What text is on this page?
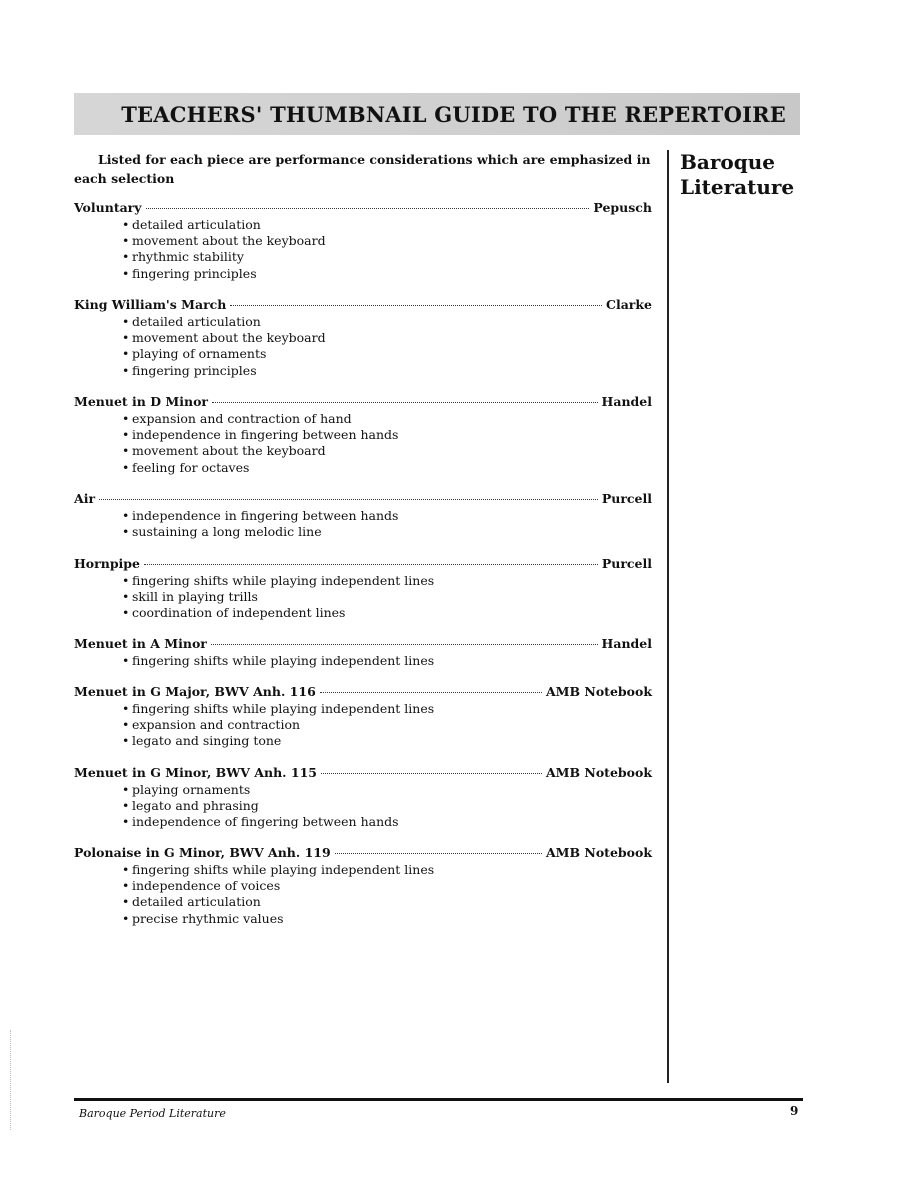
TEACHERS' THUMBNAIL GUIDE TO THE REPERTOIRE
Listed for each piece are performance considerations which are emphasized in each selection
Baroque Literature
Voluntary	Pepusch
• detailed articulation
• movement about the keyboard
• rhythmic stability
• fingering principles
King William's March	Clarke
• detailed articulation
• movement about the keyboard
• playing of ornaments
• fingering principles
Menuet in D Minor	Handel
• expansion and contraction of hand
• independence in fingering between hands
• movement about the keyboard
• feeling for octaves
Air	Purcell
• independence in fingering between hands
• sustaining a long melodic line
Hornpipe	Purcell
• fingering shifts while playing independent lines
• skill in playing trills
• coordination of independent lines
Menuet in A Minor	Handel
• fingering shifts while playing independent lines
Menuet in G Major, BWV Anh. 116	AMB Notebook
• fingering shifts while playing independent lines
• expansion and contraction
• legato and singing tone
Menuet in G Minor, BWV Anh. 115	AMB Notebook
• playing ornaments
• legato and phrasing
• independence of fingering between hands
Polonaise in G Minor, BWV Anh. 119	AMB Notebook
• fingering shifts while playing independent lines
• independence of voices
• detailed articulation
• precise rhythmic values
Baroque Period Literature	9
